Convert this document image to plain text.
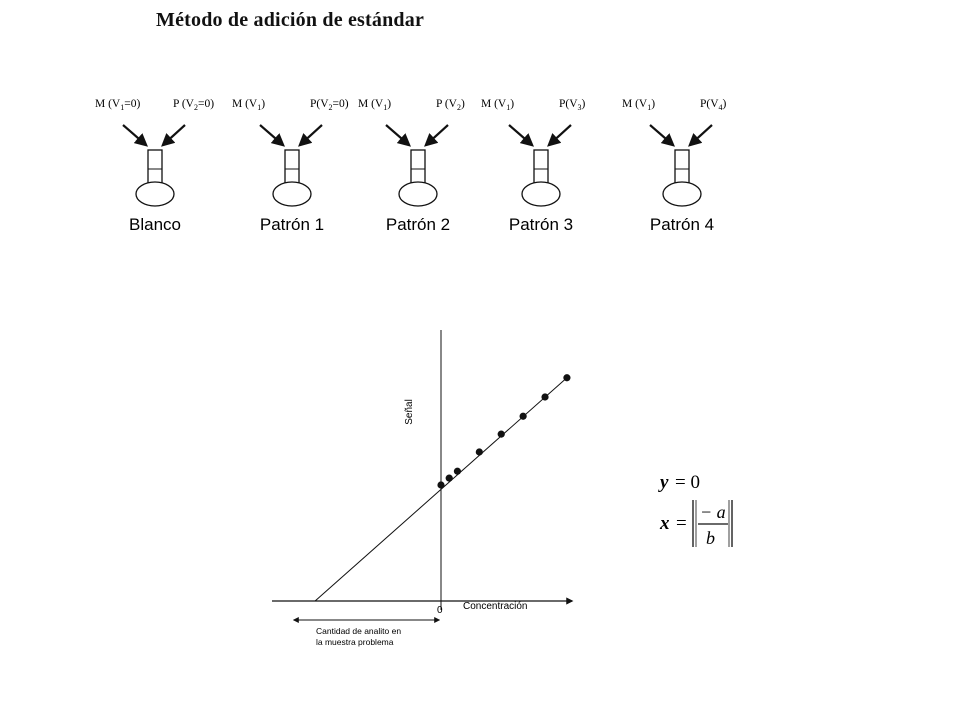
Método de adición de estándar
M $(V_1=0)$	P $(V_2=0)$
Blanco
M $(V_1)$	$P(V_2=0)$
Patrón 1
M $(V_1)$	P $(V_2)$
Patrón 2
M $(V_1)$	$P(V_3)$
Patrón 3
M $(V_1)$	$P(V_4)$
Patrón 4
Señal
Concentración
0
Cantidad de analito en
la muestra problema
y = 0
x =
− a
b
